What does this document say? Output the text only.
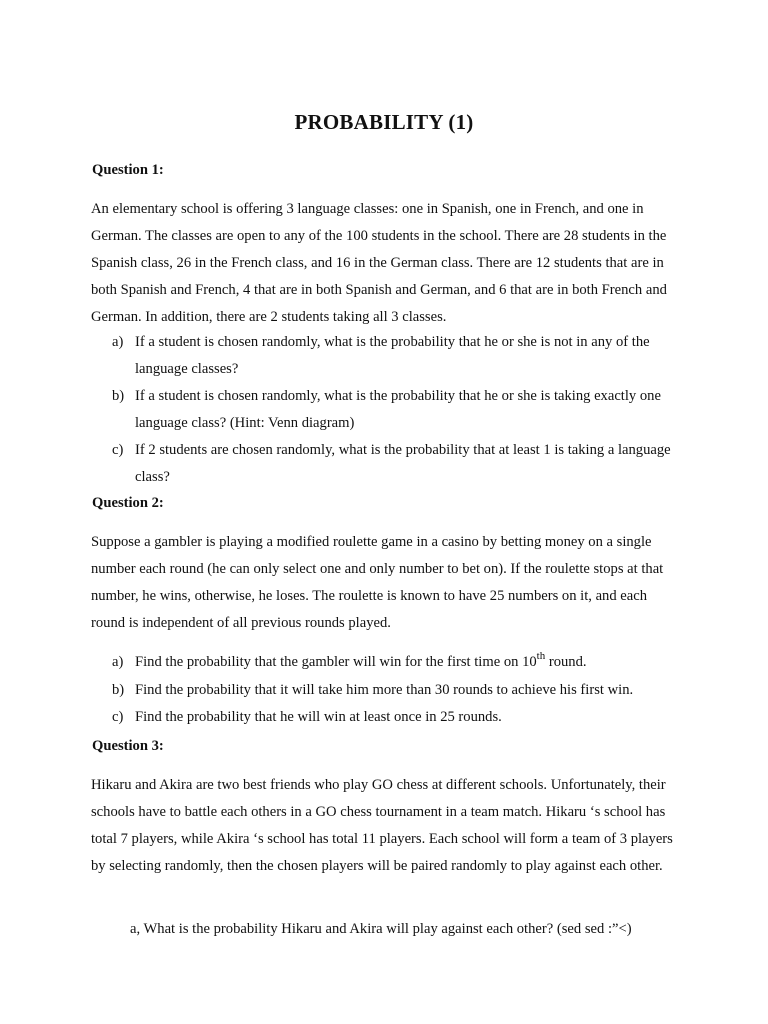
PROBABILITY (1)
Question 1:

An elementary school is offering 3 language classes: one in Spanish, one in French, and one in German. The classes are open to any of the 100 students in the school. There are 28 students in the Spanish class, 26 in the French class, and 16 in the German class. There are 12 students that are in both Spanish and French, 4 that are in both Spanish and German, and 6 that are in both French and German. In addition, there are 2 students taking all 3 classes.

a) If a student is chosen randomly, what is the probability that he or she is not in any of the language classes?
b) If a student is chosen randomly, what is the probability that he or she is taking exactly one language class? (Hint: Venn diagram)
c) If 2 students are chosen randomly, what is the probability that at least 1 is taking a language class?
Question 2:

Suppose a gambler is playing a modified roulette game in a casino by betting money on a single number each round (he can only select one and only number to bet on). If the roulette stops at that number, he wins, otherwise, he loses. The roulette is known to have 25 numbers on it, and each round is independent of all previous rounds played.

a) Find the probability that the gambler will win for the first time on 10th round.
b) Find the probability that it will take him more than 30 rounds to achieve his first win.
c) Find the probability that he will win at least once in 25 rounds.
Question 3:

Hikaru and Akira are two best friends who play GO chess at different schools. Unfortunately, their schools have to battle each others in a GO chess tournament in a team match. Hikaru ‘s school has total 7 players, while Akira ‘s school has total 11 players. Each school will form a team of 3 players by selecting randomly, then the chosen players will be paired randomly to play against each other.

a, What is the probability Hikaru and Akira will play against each other? (sed sed :”<)
